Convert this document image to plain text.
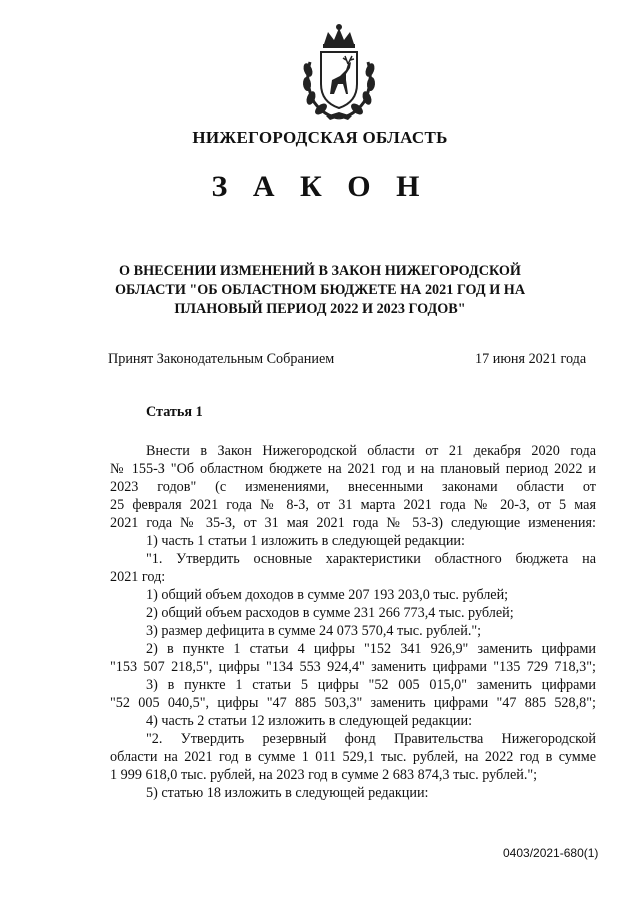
НИЖЕГОРОДСКАЯ ОБЛАСТЬ
З А К О Н
О ВНЕСЕНИИ ИЗМЕНЕНИЙ В ЗАКОН НИЖЕГОРОДСКОЙ
ОБЛАСТИ "ОБ ОБЛАСТНОМ БЮДЖЕТЕ НА 2021 ГОД И НА
ПЛАНОВЫЙ ПЕРИОД 2022 И 2023 ГОДОВ"
Принят Законодательным Собранием	17 июня 2021 года
Статья 1
Внести в Закон Нижегородской области от 21 декабря 2020 года
№ 155-З "Об областном бюджете на 2021 год и на плановый период 2022 и
2023 годов" (с изменениями, внесенными законами области от
25 февраля 2021 года № 8-З, от 31 марта 2021 года № 20-З, от 5 мая
2021 года № 35-З, от 31 мая 2021 года № 53-З) следующие изменения:
1) часть 1 статьи 1 изложить в следующей редакции:
"1. Утвердить основные характеристики областного бюджета на
2021 год:
1) общий объем доходов в сумме 207 193 203,0 тыс. рублей;
2) общий объем расходов в сумме 231 266 773,4 тыс. рублей;
3) размер дефицита в сумме 24 073 570,4 тыс. рублей.";
2) в пункте 1 статьи 4 цифры "152 341 926,9" заменить цифрами
"153 507 218,5", цифры "134 553 924,4" заменить цифрами "135 729 718,3";
3) в пункте 1 статьи 5 цифры "52 005 015,0" заменить цифрами
"52 005 040,5", цифры "47 885 503,3" заменить цифрами "47 885 528,8";
4) часть 2 статьи 12 изложить в следующей редакции:
"2. Утвердить резервный фонд Правительства Нижегородской
области на 2021 год в сумме 1 011 529,1 тыс. рублей, на 2022 год в сумме
1 999 618,0 тыс. рублей, на 2023 год в сумме 2 683 874,3 тыс. рублей.";
5) статью 18 изложить в следующей редакции:
0403/2021-680(1)
